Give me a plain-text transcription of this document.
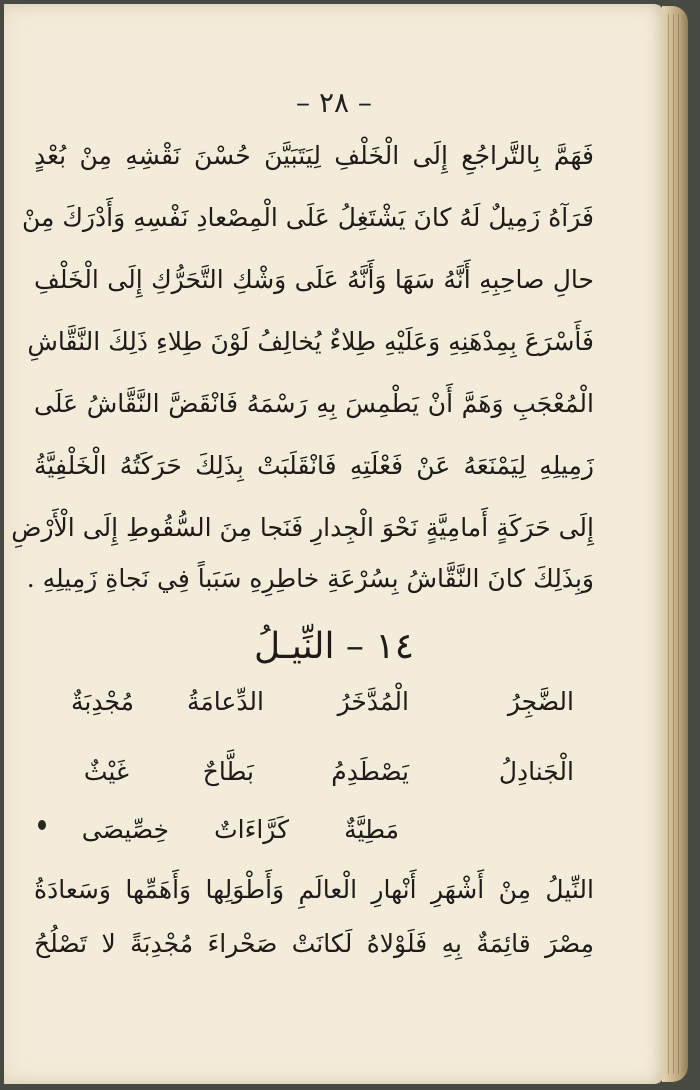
– ٢٨ –
فَهَمَّ بِالتَّراجُعِ إِلَى الْخَلْفِ لِيَتَبَيَّنَ حُسْنَ نَقْشِهِ مِنْ بُعْدٍ
فَرَآهُ زَمِيلٌ لَهُ كانَ يَشْتَغِلُ عَلَى الْمِصْعادِ نَفْسِهِ وَأَدْرَكَ مِنْ
حالِ صاحِبِهِ أَنَّهُ سَهَا وَأَنَّهُ عَلَى وَشْكِ التَّحَرُّكِ إِلَى الْخَلْفِ
فَأَسْرَعَ بِمِدْهَنِهِ وَعَلَيْهِ طِلاءٌ يُخالِفُ لَوْنَ طِلاءِ ذَلِكَ النَّقَّاشِ
الْمُعْجَبِ وَهَمَّ أَنْ يَطْمِسَ بِهِ رَسْمَهُ فَانْقَضَّ النَّقَّاشُ عَلَى
زَمِيلِهِ لِيَمْنَعَهُ عَنْ فَعْلَتِهِ فَانْقَلَبَتْ بِذَلِكَ حَرَكَتُهُ الْخَلْفِيَّةُ
إِلَى حَرَكَةٍ أَمامِيَّةٍ نَحْوَ الْجِدارِ فَنَجا مِنَ السُّقُوطِ إِلَى الْأَرْضِ
وَبِذَلِكَ كانَ النَّقَّاشُ بِسُرْعَةِ خاطِرِهِ سَبَباً فِي نَجاةِ زَمِيلِهِ .
١٤ – النِّيـلُ
الضَّجِرُ
الْمُدَّخَرُ
الدِّعامَةُ
مُجْدِبَةٌ
الْجَنادِلُ
يَصْطَدِمُ
بَطَّاحٌ
غَيْثٌ
مَطِيَّةٌ
كَرَّاءَاتٌ
خِصِّيصَى
النِّيلُ مِنْ أَشْهَرِ أَنْهارِ الْعالَمِ وَأَطْوَلِها وَأَهَمِّها وَسَعادَةُ
مِصْرَ قائِمَةٌ بِهِ فَلَوْلاهُ لَكانَتْ صَحْراءَ مُجْدِبَةً لا تَصْلُحُ
